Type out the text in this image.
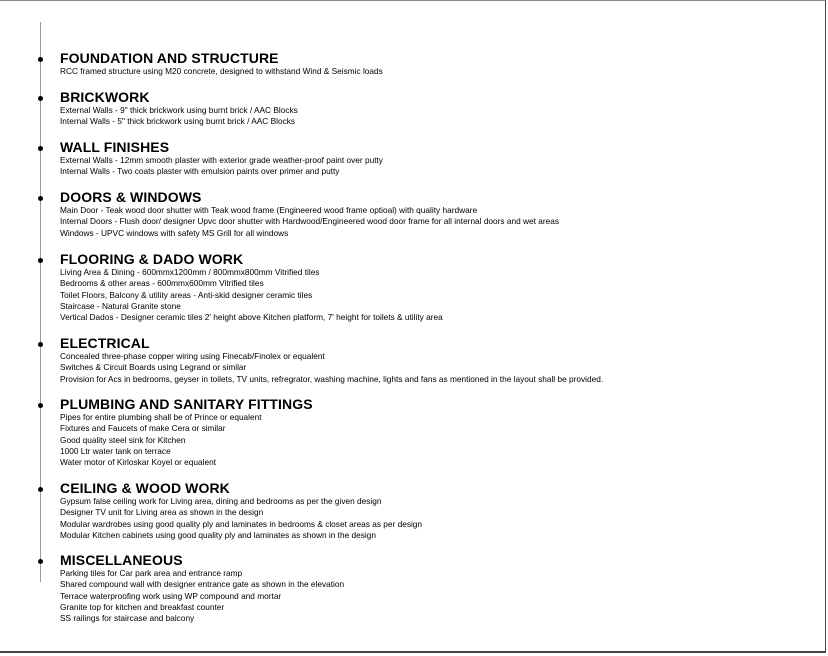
FOUNDATION AND STRUCTURE
RCC framed structure using M20 concrete, designed to withstand Wind & Seismic loads
BRICKWORK
External Walls - 9" thick brickwork using burnt brick / AAC Blocks
Internal Walls - 5" thick brickwork using burnt brick / AAC Blocks
WALL FINISHES
External Walls - 12mm smooth plaster with exterior grade weather-proof paint over putty
Internal Walls - Two coats plaster with emulsion paints over primer and putty
DOORS & WINDOWS
Main Door - Teak wood door shutter with Teak wood frame (Engineered wood frame optioal) with quality hardware
Internal Doors - Flush door/ designer Upvc door shutter with Hardwood/Engineered wood door frame for all internal doors and wet areas
Windows - UPVC windows with safety MS Grill for all windows
FLOORING & DADO WORK
Living Area & Dining - 600mmx1200mm / 800mmx800mm Vitrified tiles
Bedrooms & other areas - 600mmx600mm Vitrified tiles
Toilet Floors, Balcony & utility areas - Anti-skid designer ceramic tiles
Staircase - Natural Granite stone
Vertical Dados - Designer ceramic tiles 2' height above Kitchen platform, 7' height for toilets & utility area
ELECTRICAL
Concealed three-phase copper wiring using Finecab/Finolex or equalent
Switches & Circuit Boards using Legrand or similar
Provision for Acs in bedrooms, geyser in toilets, TV units, refregrator, washing machine, lights and fans as mentioned in the layout shall be provided.
PLUMBING AND SANITARY FITTINGS
Pipes for entire plumbing shall be of Prince or equalent
Fixtures and Faucets of make Cera or similar
Good quality steel sink for Kitchen
1000 Ltr water tank on terrace
Water motor of Kirloskar Koyel or equalent
CEILING & WOOD WORK
Gypsum false ceiling work for Living area, dining and bedrooms as per the given design
Designer TV unit for Living area as shown in the design
Modular wardrobes using good quality ply and laminates in bedrooms & closet areas as per design
Modular Kitchen cabinets using good quality ply and laminates as shown in the design
MISCELLANEOUS
Parking tiles for Car park area and entrance ramp
Shared compound wall with designer entrance gate as shown in the elevation
Terrace waterproofing work using WP compound and mortar
Granite top for kitchen and breakfast counter
SS railings for staircase and balcony
